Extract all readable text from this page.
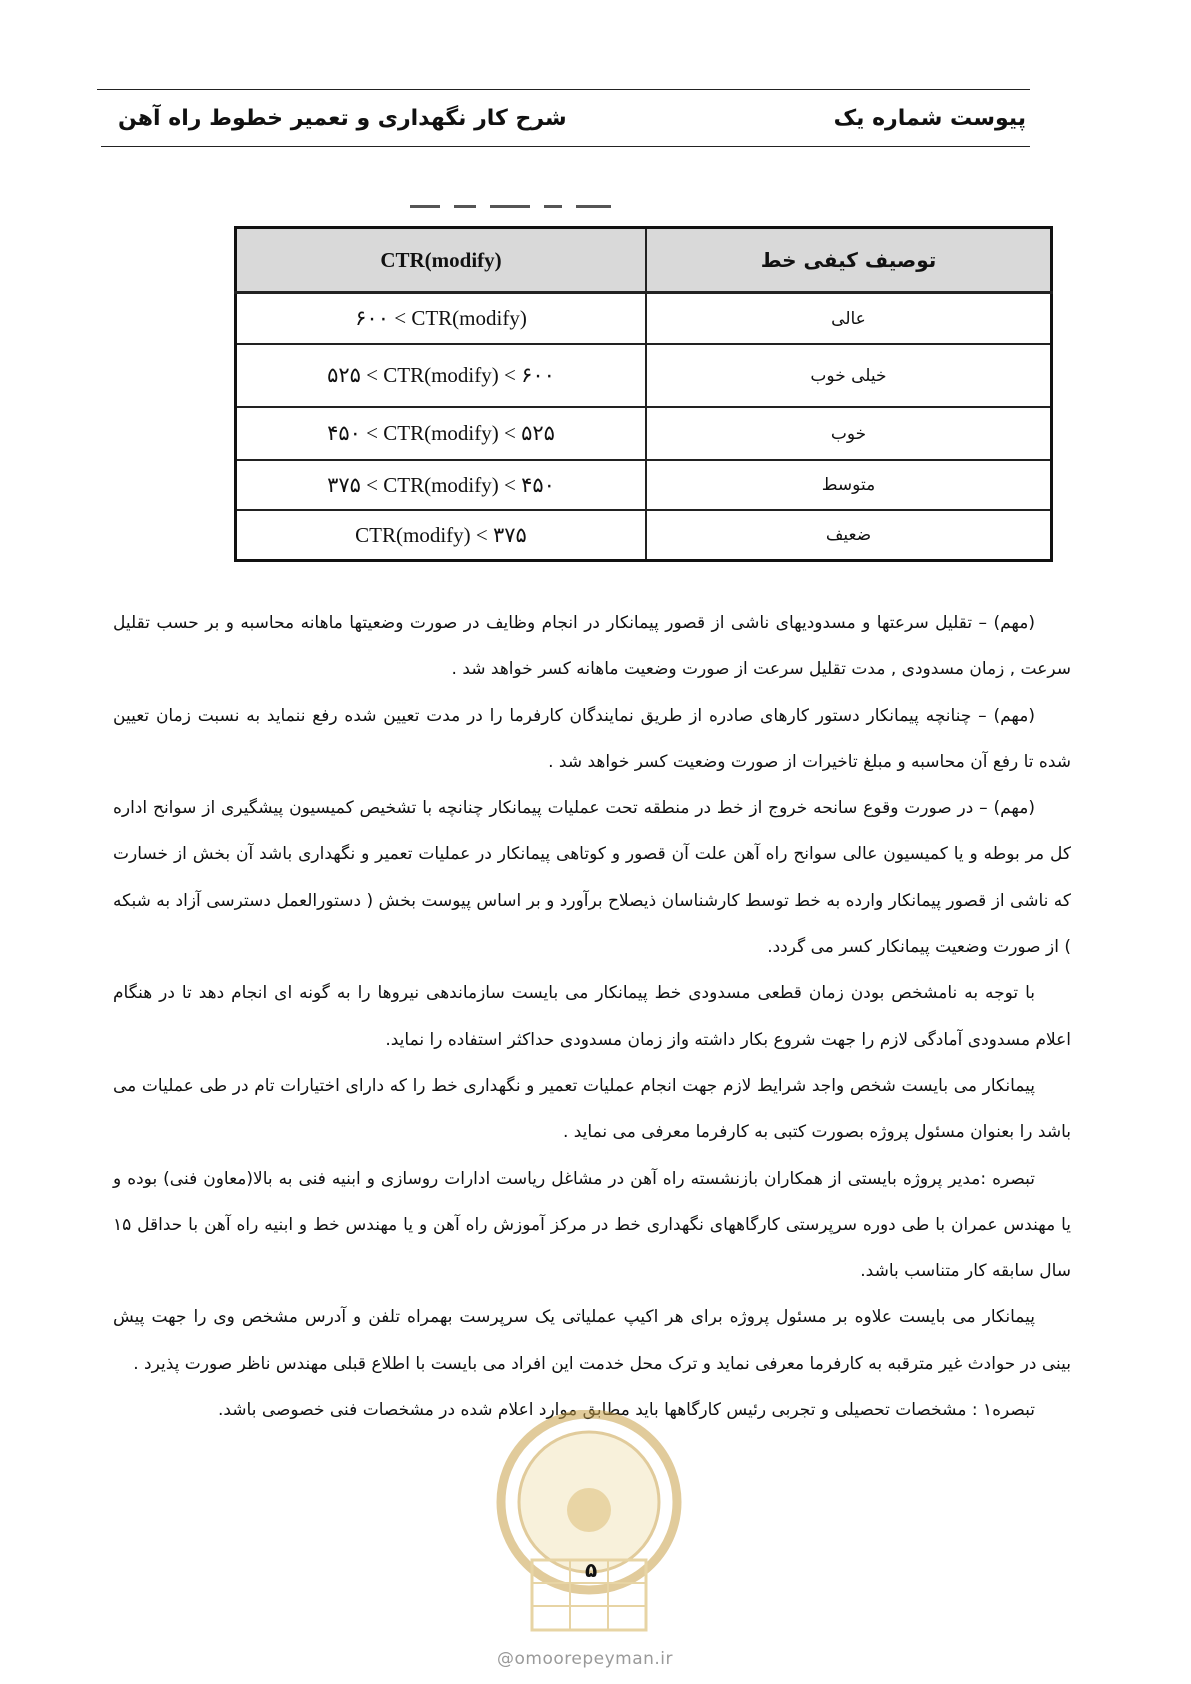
پیوست شماره یک
شرح کار نگهداری و تعمیر خطوط راه آهن
CTR(modify)	توصیف کیفی خط
۶۰۰ < CTR(modify)	عالی
۵۲۵ < CTR(modify) < ۶۰۰	خیلی خوب
۴۵۰ < CTR(modify) < ۵۲۵	خوب
۳۷۵ < CTR(modify) < ۴۵۰	متوسط
CTR(modify) < ۳۷۵	ضعیف

(مهم) – تقلیل سرعتها و مسدودیهای ناشی از قصور پیمانکار در انجام وظایف در صورت وضعیتها ماهانه محاسبه و بر حسب تقلیل سرعت , زمان مسدودی , مدت تقلیل سرعت از صورت وضعیت ماهانه کسر خواهد شد .

(مهم) – چنانچه پیمانکار دستور کارهای صادره از طریق نمایندگان کارفرما را در مدت تعیین شده رفع ننماید به نسبت زمان تعیین شده تا رفع آن محاسبه و مبلغ تاخیرات از صورت وضعیت کسر خواهد شد .

(مهم) – در صورت وقوع سانحه خروج از خط در منطقه تحت عملیات پیمانکار چنانچه با تشخیص کمیسیون پیشگیری از سوانح اداره کل مر بوطه و یا کمیسیون عالی سوانح راه آهن علت آن قصور و کوتاهی پیمانکار در عملیات تعمیر و نگهداری باشد آن بخش از خسارت که ناشی از قصور پیمانکار وارده به خط توسط کارشناسان ذیصلاح برآورد و بر اساس پیوست بخش ( دستورالعمل دسترسی آزاد به شبکه ) از صورت وضعیت پیمانکار کسر می گردد.

با توجه به نامشخص بودن زمان قطعی مسدودی خط پیمانکار می بایست سازماندهی نیروها را به گونه ای انجام دهد تا در هنگام اعلام مسدودی آمادگی لازم را جهت شروع بکار داشته واز زمان مسدودی حداکثر استفاده را نماید.

پیمانکار می بایست شخص واجد شرایط لازم جهت انجام عملیات تعمیر و نگهداری خط را که دارای اختیارات تام در طی عملیات می باشد را بعنوان مسئول پروژه بصورت کتبی به کارفرما معرفی می نماید .

تبصره :مدیر پروژه بایستی از همکاران بازنشسته راه آهن در مشاغل ریاست ادارات روسازی و ابنیه فنی به بالا(معاون فنی) بوده و یا مهندس عمران با طی دوره سرپرستی کارگاههای نگهداری خط در مرکز آموزش راه آهن و یا مهندس خط و ابنیه راه آهن با حداقل ۱۵ سال سابقه کار متناسب باشد.

پیمانکار می بایست علاوه بر مسئول پروژه برای هر اکیپ عملیاتی یک سرپرست بهمراه تلفن و آدرس مشخص وی را جهت پیش بینی در حوادث غیر مترقبه به کارفرما معرفی نماید و ترک محل خدمت این افراد می بایست با اطلاع قبلی مهندس ناظر صورت پذیرد .

تبصره۱ : مشخصات تحصیلی و تجربی رئیس کارگاهها باید مطابق موارد اعلام شده در مشخصات فنی خصوصی باشد.

۵
@omoorepeyman.ir
